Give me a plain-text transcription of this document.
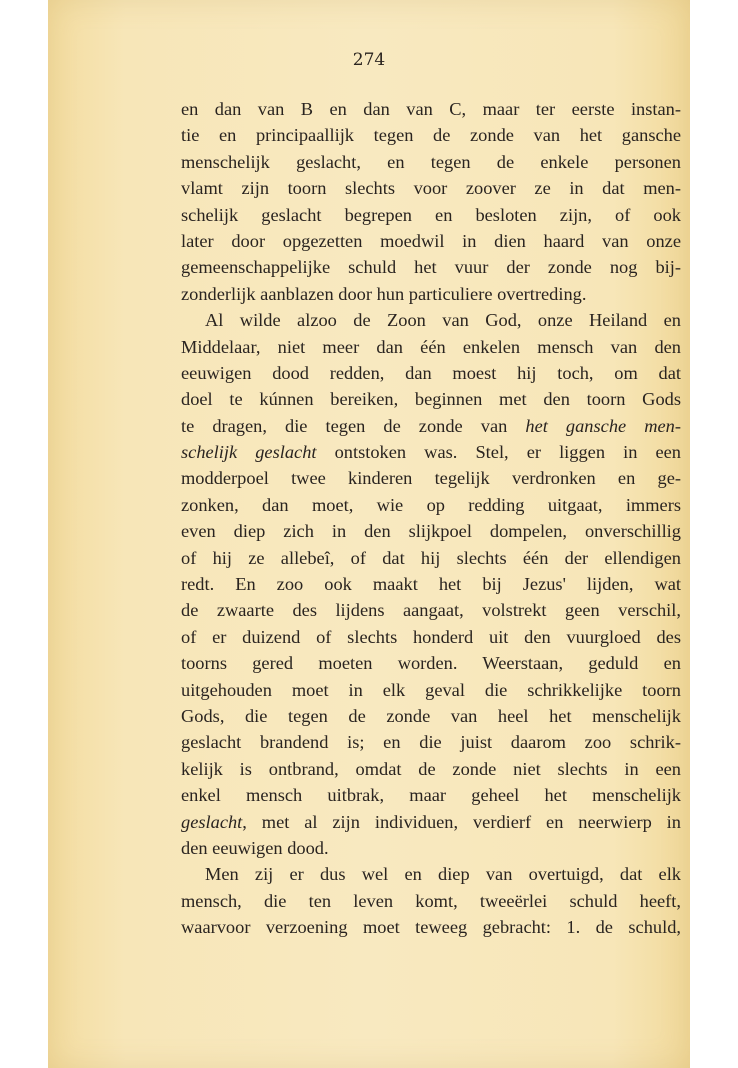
274
en dan van B en dan van C, maar ter eerste instan-
tie en principaallijk tegen de zonde van het gansche
menschelijk geslacht, en tegen de enkele personen
vlamt zijn toorn slechts voor zoover ze in dat men-
schelijk geslacht begrepen en besloten zijn, of ook
later door opgezetten moedwil in dien haard van onze
gemeenschappelijke schuld het vuur der zonde nog bij-
zonderlijk aanblazen door hun particuliere overtreding.
Al wilde alzoo de Zoon van God, onze Heiland en
Middelaar, niet meer dan één enkelen mensch van den
eeuwigen dood redden, dan moest hij toch, om dat
doel te kúnnen bereiken, beginnen met den toorn Gods
te dragen, die tegen de zonde van het gansche men-
schelijk geslacht ontstoken was. Stel, er liggen in een
modderpoel twee kinderen tegelijk verdronken en ge-
zonken, dan moet, wie op redding uitgaat, immers
even diep zich in den slijkpoel dompelen, onverschillig
of hij ze allebeî, of dat hij slechts één der ellendigen
redt. En zoo ook maakt het bij Jezus' lijden, wat
de zwaarte des lijdens aangaat, volstrekt geen verschil,
of er duizend of slechts honderd uit den vuurgloed des
toorns gered moeten worden. Weerstaan, geduld en
uitgehouden moet in elk geval die schrikkelijke toorn
Gods, die tegen de zonde van heel het menschelijk
geslacht brandend is; en die juist daarom zoo schrik-
kelijk is ontbrand, omdat de zonde niet slechts in een
enkel mensch uitbrak, maar geheel het menschelijk
geslacht, met al zijn individuen, verdierf en neerwierp in
den eeuwigen dood.
Men zij er dus wel en diep van overtuigd, dat elk
mensch, die ten leven komt, tweeërlei schuld heeft,
waarvoor verzoening moet teweeg gebracht: 1. de schuld,
